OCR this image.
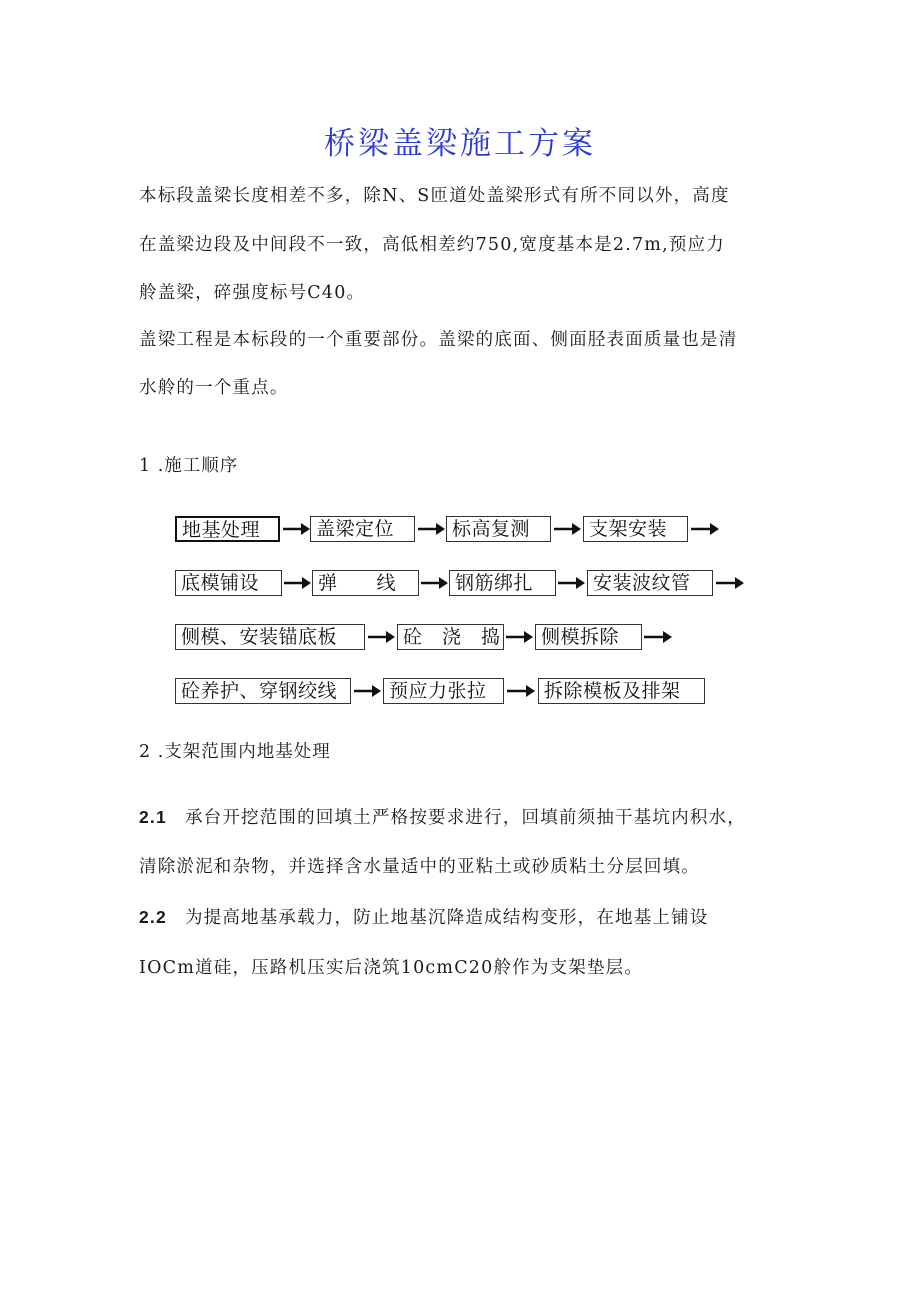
桥梁盖梁施工方案
本标段盖梁长度相差不多，除N、S匝道处盖梁形式有所不同以外，高度
在盖梁边段及中间段不一致，高低相差约750,宽度基本是2.7m,预应力
舲盖梁，碎强度标号C40。
盖梁工程是本标段的一个重要部份。盖梁的底面、侧面胫表面质量也是清
水舲的一个重点。
1 .施工顺序
地基处理	盖梁定位	标高复测	支架安装
底模铺设	弹　　线	钢筋绑扎	安装波纹管
侧模、安装锚底板	砼　浇　捣	侧模拆除
砼养护、穿钢绞线	预应力张拉	拆除模板及排架
2 .支架范围内地基处理
2.1 承台开挖范围的回填土严格按要求进行，回填前须抽干基坑内积水，
清除淤泥和杂物，并选择含水量适中的亚粘土或砂质粘土分层回填。
2.2 为提高地基承载力，防止地基沉降造成结构变形，在地基上铺设
IOCm道硅，压路机压实后浇筑10cmC20舲作为支架垫层。
